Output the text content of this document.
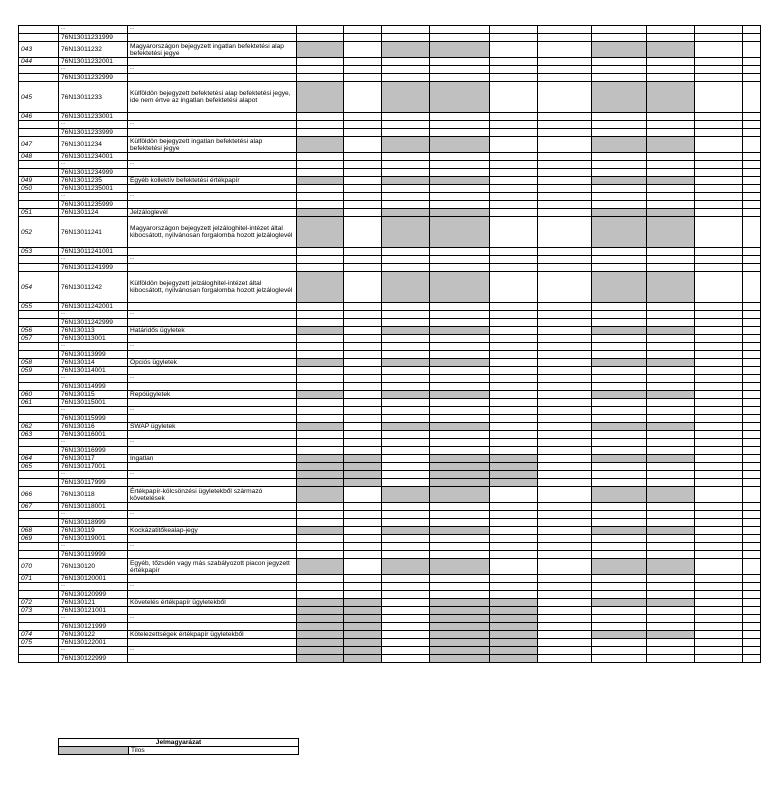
	...	...										
	76N13011231999											
043	76N13011232	Magyarországon bejegyzett ingatlan befektetési alap befektetési jegye										
044	76N13011232001											
	...	...										
	76N13011232999											
045	76N13011233	Külföldön bejegyzett befektetési alap befektetési jegye, ide nem értve az ingatlan befektetési alapot										
046	76N13011233001											
	...	...										
	76N13011233999											
047	76N13011234	Külföldön bejegyzett ingatlan befektetési alap befektetési jegye										
048	76N13011234001											
	...	...										
	76N13011234999											
049	76N13011235	Egyéb kollektív befektetési értékpapír										
050	76N13011235001											
	...	...										
	76N13011235999											
051	76N1301124	Jelzáloglevél										
052	76N13011241	Magyarországon bejegyzett jelzáloghitel-intézet által kibocsátott, nyilvánosan forgalomba hozott jelzáloglevél										
053	76N13011241001											
	...	...										
	76N13011241999											
054	76N13011242	Külföldön bejegyzett jelzáloghitel-intézet által kibocsátott, nyilvánosan forgalomba hozott jelzáloglevél										
055	76N13011242001											
	...	...										
	76N13011242999											
056	76N130113	Határidős ügyletek										
057	76N130113001											
	...	...										
	76N130113999											
058	76N130114	Opciós ügyletek										
059	76N130114001											
	...	...										
	76N130114999											
060	76N130115	Repóügyletek										
061	76N130115001											
	...	...										
	76N130115999											
062	76N130116	SWAP ügyletek										
063	76N130116001											
	...	...										
	76N130116999											
064	76N130117	Ingatlan										
065	76N130117001											
	...	...										
	76N130117999											
066	76N130118	Értékpapír-kölcsönzési ügyletekből származó követelések										
067	76N130118001											
	...	...										
	76N130118999											
068	76N130119	Kockázatitőkealap-jegy										
069	76N130119001											
	...	...										
	76N130119999											
070	76N130120	Egyéb, tőzsdén vagy más szabályozott piacon jegyzett értékpapír										
071	76N130120001											
	...	...										
	76N130120999											
072	76N130121	Követelés értékpapír ügyletekből										
073	76N130121001											
	...	...										
	76N130121999											
074	76N130122	Kötelezettségek értékpapír ügyletekből										
075	76N130122001											
	...	...										
	76N130122999											
Jelmagyarázat
	Tilos
